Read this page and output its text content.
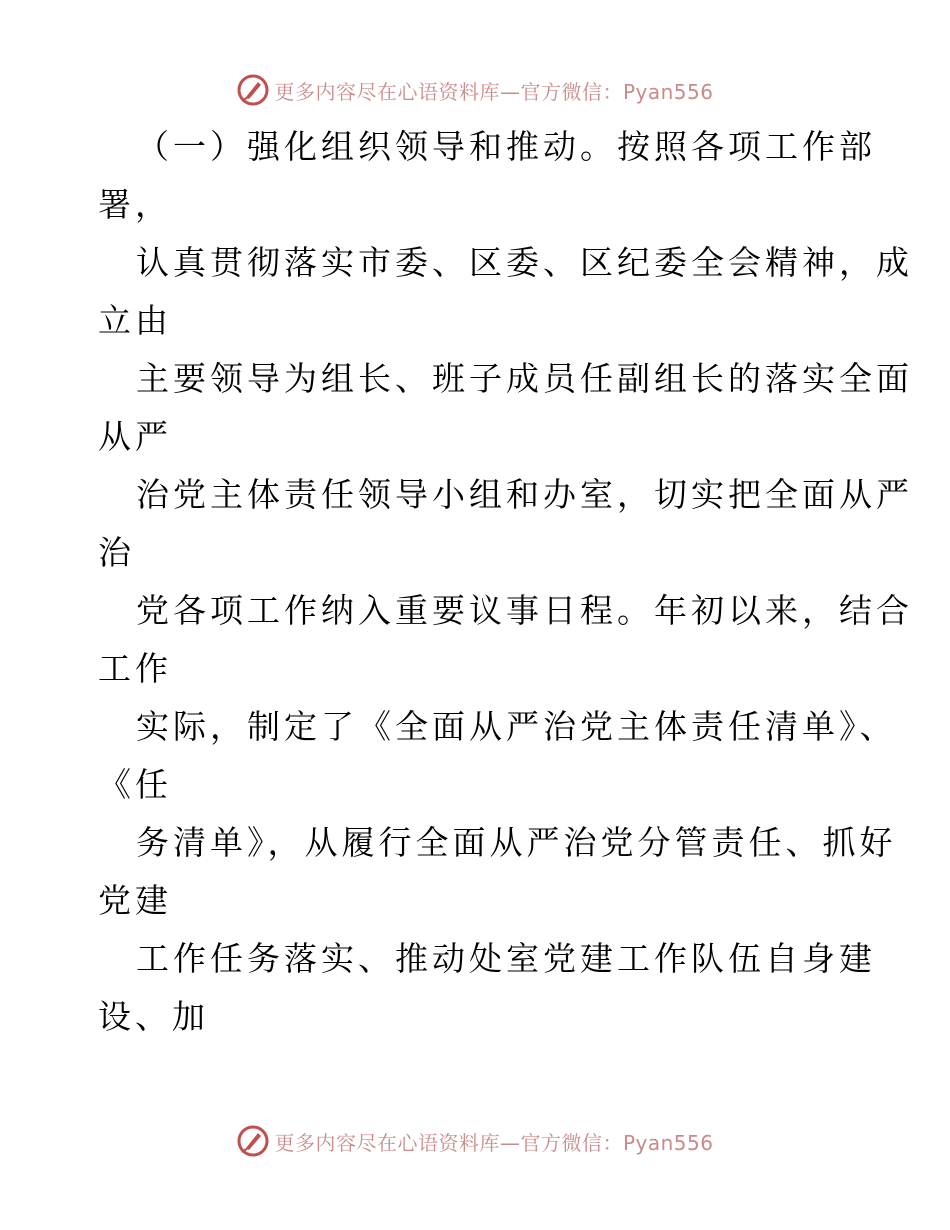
更多内容尽在心语资料库—官方微信：Pyan556
（一）强化组织领导和推动。按照各项工作部
署，
认真贯彻落实市委、区委、区纪委全会精神，成
立由
主要领导为组长、班子成员任副组长的落实全面
从严
治党主体责任领导小组和办室，切实把全面从严
治
党各项工作纳入重要议事日程。年初以来，结合
工作
实际，制定了《全面从严治党主体责任清单》、
《任
务清单》，从履行全面从严治党分管责任、抓好
党建
工作任务落实、推动处室党建工作队伍自身建
设、加
更多内容尽在心语资料库—官方微信：Pyan556
